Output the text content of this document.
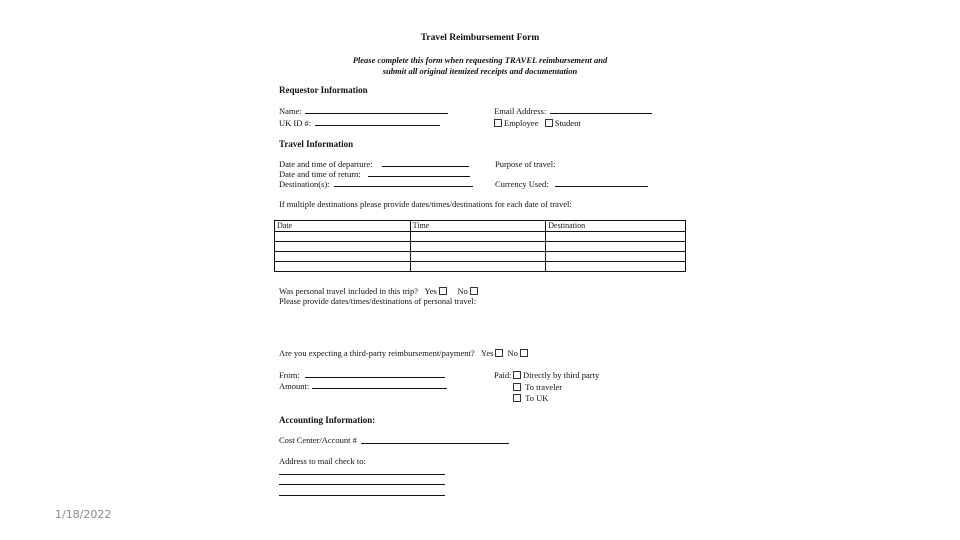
Travel Reimbursement Form
Please complete this form when requesting TRAVEL reimbursement and
submit all original itemized receipts and documentation
Requestor Information
Name:
UK ID #:
Email Address:
Employee Student
Travel Information
Date and time of departure:
Date and time of return:
Destination(s):
Purpose of travel:
Currency Used:
If multiple destinations please provide dates/times/destinations for each date of travel:
Date	Time	Destination

Was personal travel included in this trip? Yes No
Please provide dates/times/destinations of personal travel:
Are you expecting a third-party reimbursement/payment? Yes No
From:
Amount:
Paid:	Directly by third party
To traveler
To UK
Accounting Information:
Cost Center/Account #
Address to mail check to:
1/18/2022
